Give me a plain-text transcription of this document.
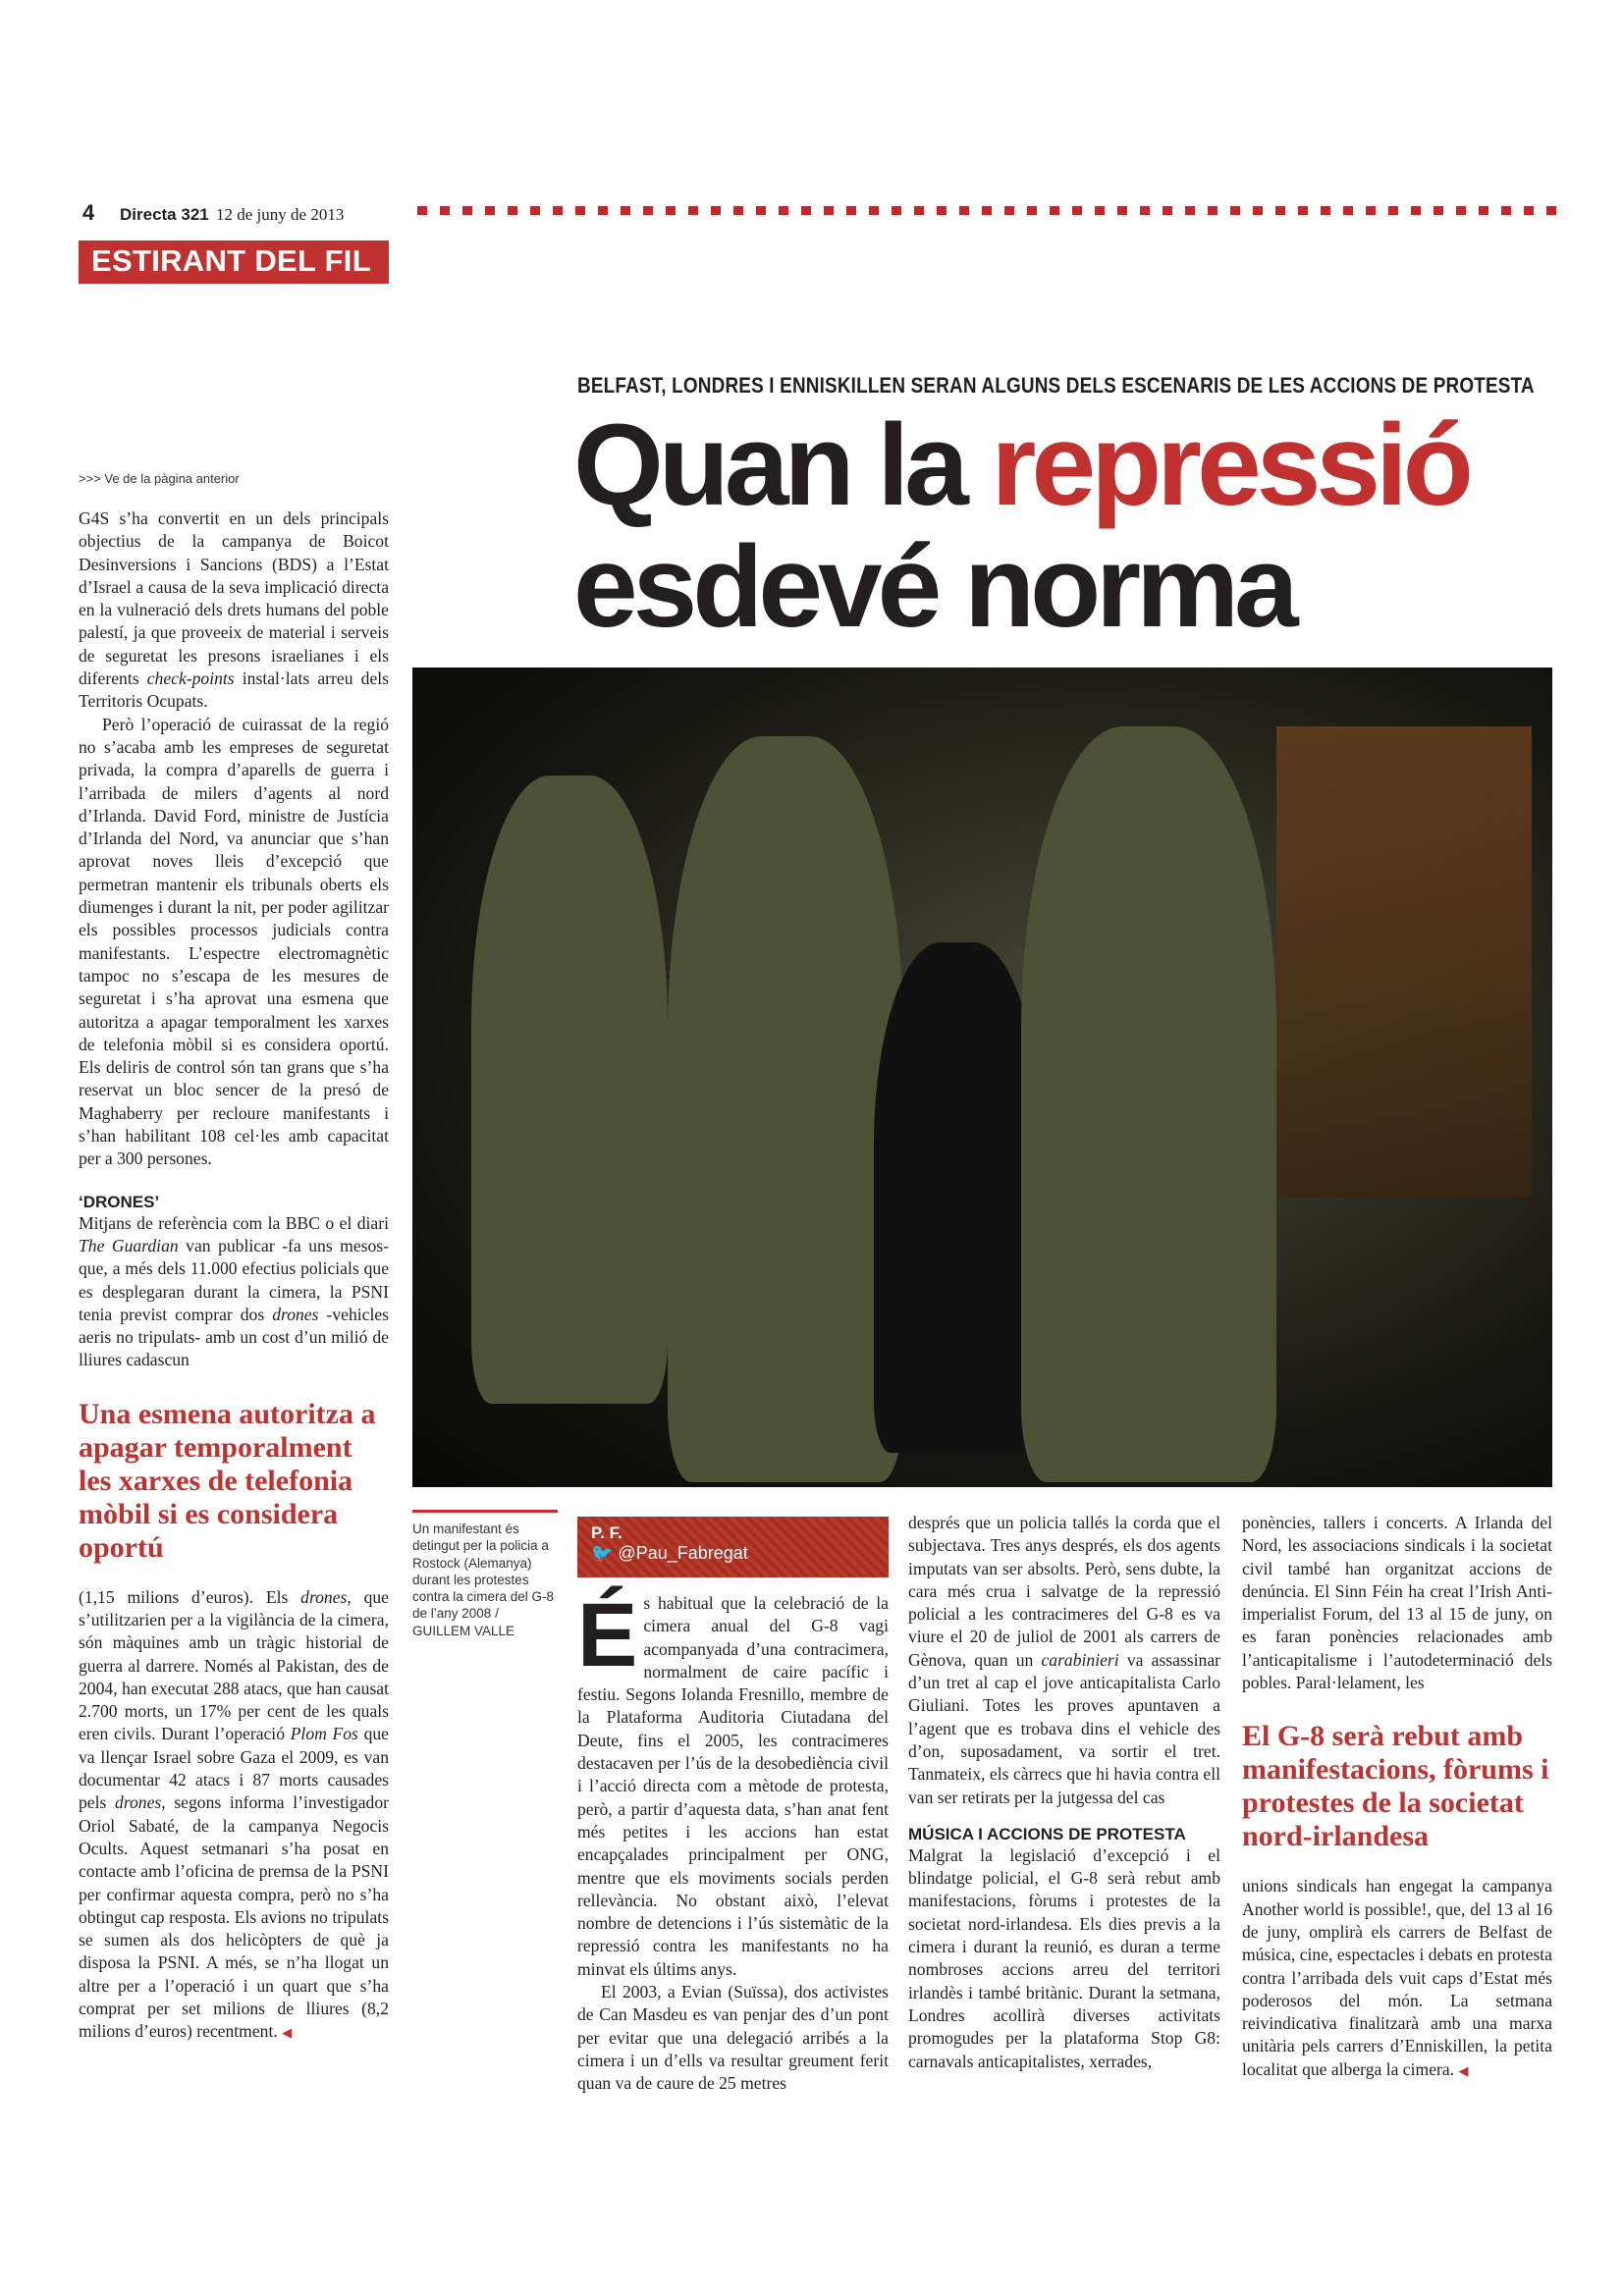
4 Directa 321 12 de juny de 2013
ESTIRANT DEL FIL
BELFAST, LONDRES I ENNISKILLEN SERAN ALGUNS DELS ESCENARIS DE LES ACCIONS DE PROTESTA
Quan la repressió
esdevé norma
Un manifestant és detingut per la policia a Rostock (Alemanya) durant les protestes contra la cimera del G-8 de l’any 2008 / GUILLEM VALLE
>>> Ve de la pàgina anterior

G4S s’ha convertit en un dels principals objectius de la campanya de Boicot Desinversions i Sancions (BDS) a l’Estat d’Israel a causa de la seva implicació directa en la vulneració dels drets humans del poble palestí, ja que proveeix de material i serveis de seguretat les presons israelianes i els diferents check-points instal·lats arreu dels Territoris Ocupats.

Però l’operació de cuirassat de la regió no s’acaba amb les empreses de seguretat privada, la compra d’aparells de guerra i l’arribada de milers d’agents al nord d’Irlanda. David Ford, ministre de Justícia d’Irlanda del Nord, va anunciar que s’han aprovat noves lleis d’excepció que permetran mantenir els tribunals oberts els diumenges i durant la nit, per poder agilitzar els possibles processos judicials contra manifestants. L’espectre electromagnètic tampoc no s’escapa de les mesures de seguretat i s’ha aprovat una esmena que autoritza a apagar temporalment les xarxes de telefonia mòbil si es considera oportú. Els deliris de control són tan grans que s’ha reservat un bloc sencer de la presó de Maghaberry per recloure manifestants i s’han habilitant 108 cel·les amb capacitat per a 300 persones.

‘DRONES’

Mitjans de referència com la BBC o el diari The Guardian van publicar -fa uns mesos- que, a més dels 11.000 efectius policials que es desplegaran durant la cimera, la PSNI tenia previst comprar dos drones -vehicles aeris no tripulats- amb un cost d’un milió de lliures cadascun

Una esmena autoritza a apagar temporalment les xarxes de telefonia mòbil si es considera oportú

(1,15 milions d’euros). Els drones, que s’utilitzarien per a la vigilància de la cimera, són màquines amb un tràgic historial de guerra al darrere. Només al Pakistan, des de 2004, han executat 288 atacs, que han causat 2.700 morts, un 17% per cent de les quals eren civils. Durant l’operació Plom Fos que va llençar Israel sobre Gaza el 2009, es van documentar 42 atacs i 87 morts causades pels drones, segons informa l’investigador Oriol Sabaté, de la campanya Negocis Ocults. Aquest setmanari s’ha posat en contacte amb l’oficina de premsa de la PSNI per confirmar aquesta compra, però no s’ha obtingut cap resposta. Els avions no tripulats se sumen als dos helicòpters de què ja disposa la PSNI. A més, se n’ha llogat un altre per a l’operació i un quart que s’ha comprat per set milions de lliures (8,2 milions d’euros) recentment. ◀

P. F.
🐦 @Pau_Fabregat

És habitual que la celebració de la cimera anual del G-8 vagi acompanyada d’una contracimera, normalment de caire pacífic i festiu. Segons Iolanda Fresnillo, membre de la Plataforma Auditoria Ciutadana del Deute, fins el 2005, les contracimeres destacaven per l’ús de la desobediència civil i l’acció directa com a mètode de protesta, però, a partir d’aquesta data, s’han anat fent més petites i les accions han estat encapçalades principalment per ONG, mentre que els moviments socials perden rellevància. No obstant això, l’elevat nombre de detencions i l’ús sistemàtic de la repressió contra les manifestants no ha minvat els últims anys.

El 2003, a Evian (Suïssa), dos activistes de Can Masdeu es van penjar des d’un pont per evitar que una delegació arribés a la cimera i un d’ells va resultar greument ferit quan va de caure de 25 metres

després que un policia tallés la corda que el subjectava. Tres anys després, els dos agents imputats van ser absolts. Però, sens dubte, la cara més crua i salvatge de la repressió policial a les contracimeres del G-8 es va viure el 20 de juliol de 2001 als carrers de Gènova, quan un carabinieri va assassinar d’un tret al cap el jove anticapitalista Carlo Giuliani. Totes les proves apuntaven a l’agent que es trobava dins el vehicle des d’on, suposadament, va sortir el tret. Tanmateix, els càrrecs que hi havia contra ell van ser retirats per la jutgessa del cas

MÚSICA I ACCIONS DE PROTESTA

Malgrat la legislació d’excepció i el blindatge policial, el G-8 serà rebut amb manifestacions, fòrums i protestes de la societat nord-irlandesa. Els dies previs a la cimera i durant la reunió, es duran a terme nombroses accions arreu del territori irlandès i també britànic. Durant la setmana, Londres acollirà diverses activitats promogudes per la plataforma Stop G8: carnavals anticapitalistes, xerrades,

ponències, tallers i concerts. A Irlanda del Nord, les associacions sindicals i la societat civil també han organitzat accions de denúncia. El Sinn Féin ha creat l’Irish Anti-imperialist Forum, del 13 al 15 de juny, on es faran ponències relacionades amb l’anticapitalisme i l’autodeterminació dels pobles. Paral·lelament, les

El G-8 serà rebut amb manifestacions, fòrums i protestes de la societat nord-irlandesa

unions sindicals han engegat la campanya Another world is possible!, que, del 13 al 16 de juny, omplirà els carrers de Belfast de música, cine, espectacles i debats en protesta contra l’arribada dels vuit caps d’Estat més poderosos del món. La setmana reivindicativa finalitzarà amb una marxa unitària pels carrers d’Enniskillen, la petita localitat que alberga la cimera. ◀
